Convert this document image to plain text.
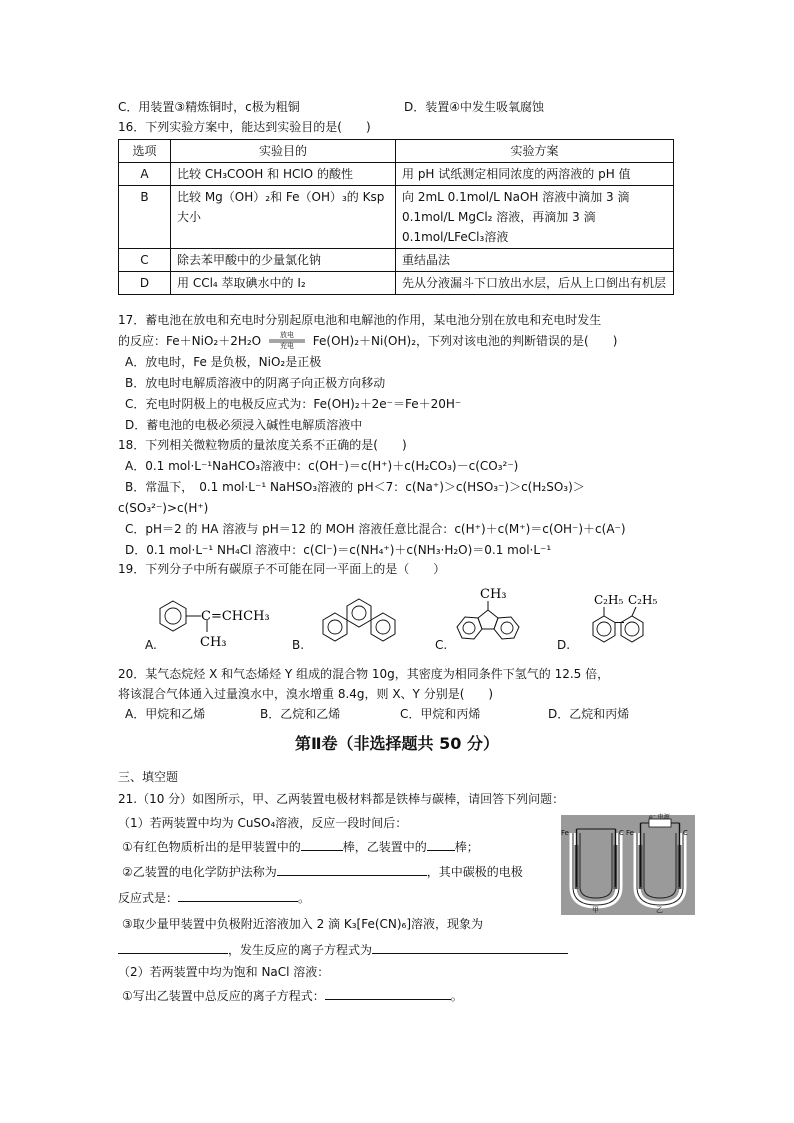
C．用装置③精炼铜时，c极为粗铜	D．装置④中发生吸氧腐蚀
16．下列实验方案中，能达到实验目的是(　　)
选项	实验目的	实验方案
A	比较 CH₃COOH 和 HClO 的酸性	用 pH 试纸测定相同浓度的两溶液的 pH 值
B	比较 Mg（OH）₂和 Fe（OH）₃的 Ksp 大小	向 2mL 0.1mol/L NaOH 溶液中滴加 3 滴 0.1mol/L MgCl₂ 溶液，再滴加 3 滴 0.1mol/LFeCl₃溶液
C	除去苯甲酸中的少量氯化钠	重结晶法
D	用 CCl₄ 萃取碘水中的 I₂	先从分液漏斗下口放出水层，后从上口倒出有机层
17．蓄电池在放电和充电时分别起原电池和电解池的作用，某电池分别在放电和充电时发生
的反应：Fe＋NiO₂＋2H₂O	放电
充电	Fe(OH)₂＋Ni(OH)₂，下列对该电池的判断错误的是(　　)
A．放电时，Fe 是负极，NiO₂是正极
B．放电时电解质溶液中的阴离子向正极方向移动
C．充电时阴极上的电极反应式为：Fe(OH)₂＋2e⁻＝Fe＋20H⁻
D．蓄电池的电极必须浸入碱性电解质溶液中
18．下列相关微粒物质的量浓度关系不正确的是(　　)
A．0.1 mol·L⁻¹NaHCO₃溶液中：c(OH⁻)＝c(H⁺)＋c(H₂CO₃)－c(CO₃²⁻)
B．常温下，　0.1 mol·L⁻¹ NaHSO₃溶液的 pH＜7：c(Na⁺)＞c(HSO₃⁻)＞c(H₂SO₃)＞
c(SO₃²⁻)>c(H⁺)
C．pH＝2 的 HA 溶液与 pH＝12 的 MOH 溶液任意比混合：c(H⁺)＋c(M⁺)＝c(OH⁻)＋c(A⁻)
D．0.1 mol·L⁻¹ NH₄Cl 溶液中：c(Cl⁻)＝c(NH₄⁺)＋c(NH₃·H₂O)＝0.1 mol·L⁻¹
19．下列分子中所有碳原子不可能在同一平面上的是（　　）
C=CHCH₃
CH₃
A.	B.
CH₃
C.
C₂H₅ C₂H₅
D.
20．某气态烷烃 X 和气态烯烃 Y 组成的混合物 10g，其密度为相同条件下氢气的 12.5 倍，
将该混合气体通入过量溴水中，溴水增重 8.4g，则 X、Y 分别是(　　)
A．甲烷和乙烯	B．乙烷和乙烯	C．甲烷和丙烯	D．乙烷和丙烯
第Ⅱ卷（非选择题共 50 分）
三、填空题
21.（10 分）如图所示，甲、乙两装置电极材料都是铁棒与碳棒，请回答下列问题：
（1）若两装置中均为 CuSO₄溶液，反应一段时间后：
①有红色物质析出的是甲装置中的	棒，乙装置中的 棒；
②乙装置的电化学防护法称为	，其中碳极的电极
反应式是：	。
③取少量甲装置中负极附近溶液加入 2 滴 K₃[Fe(CN)₆]溶液，现象为
，发生反应的离子方程式为
（2）若两装置中均为饱和 NaCl 溶液：
①写出乙装置中总反应的离子方程式：	。
Fe	C Fe	C
e⁻ 电源
甲	乙
